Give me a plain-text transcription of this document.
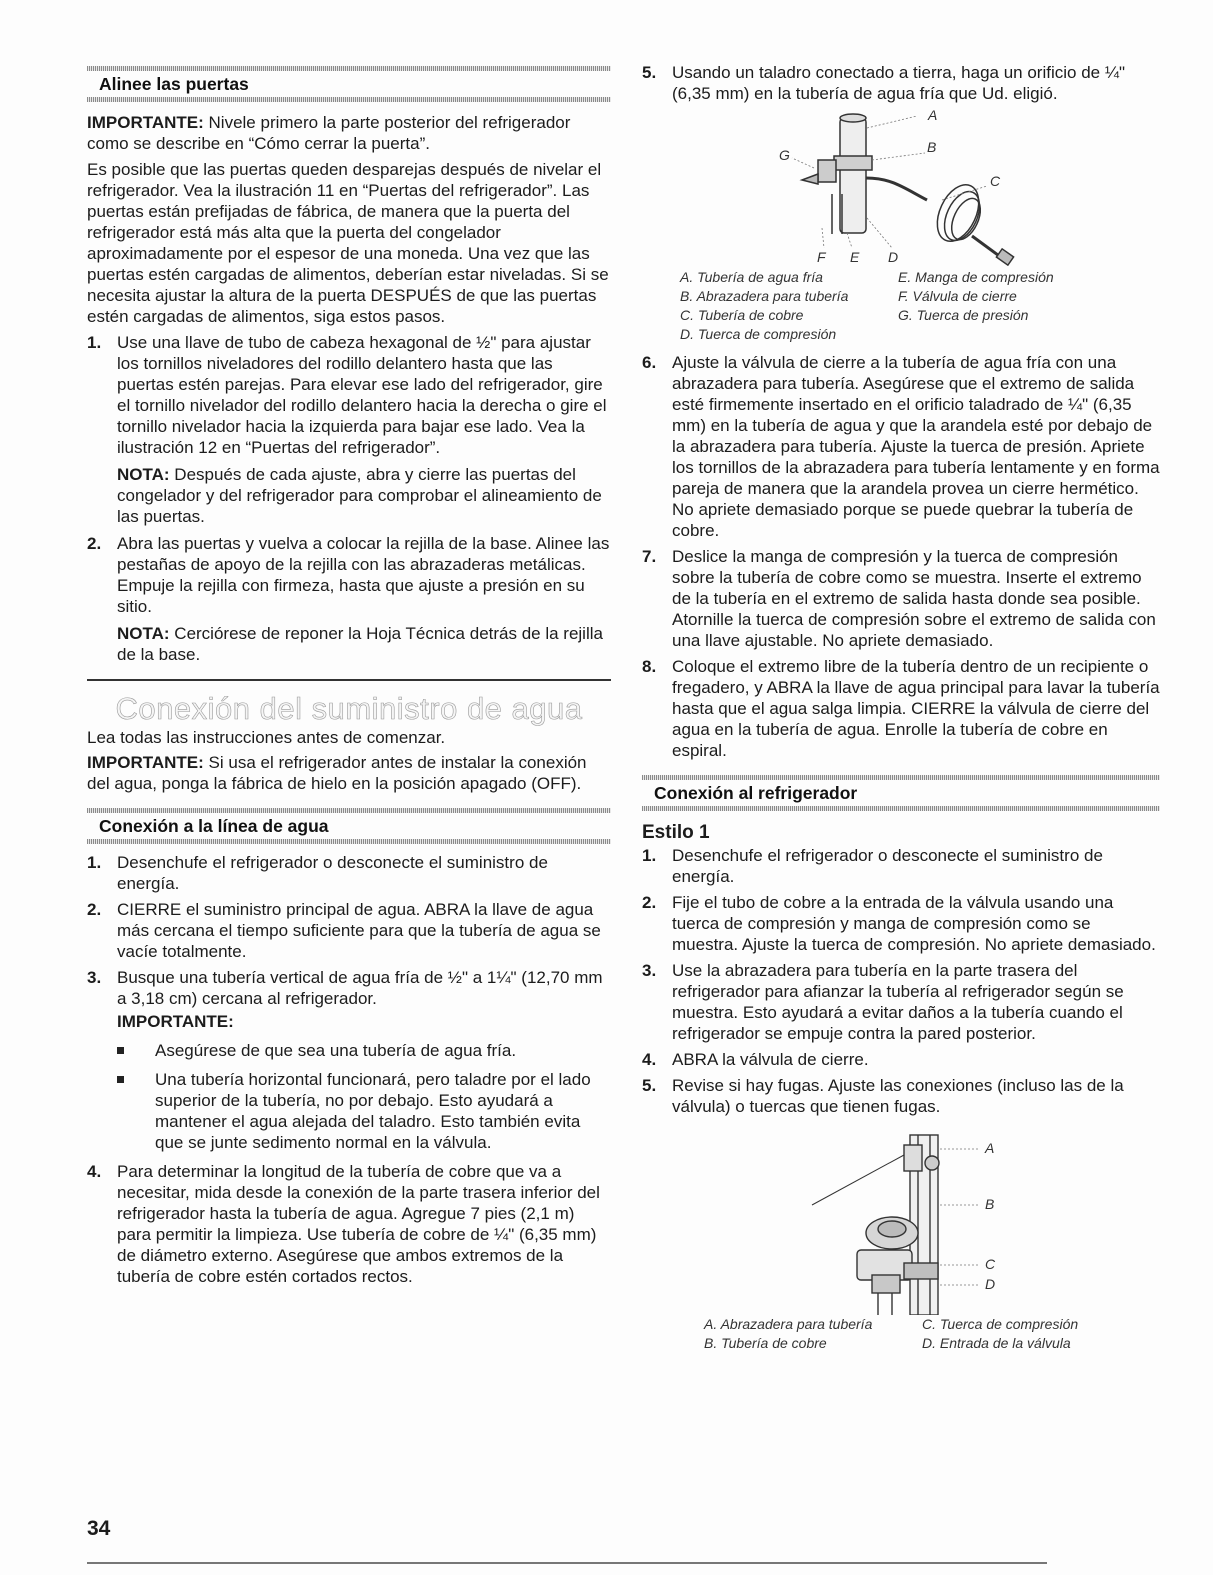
Alinee las puertas

IMPORTANTE: Nivele primero la parte posterior del refrigerador como se describe en “Cómo cerrar la puerta”.

Es posible que las puertas queden desparejas después de nivelar el refrigerador. Vea la ilustración 11 en “Puertas del refrigerador”. Las puertas están prefijadas de fábrica, de manera que la puerta del refrigerador está más alta que la puerta del congelador aproximadamente por el espesor de una moneda. Una vez que las puertas estén cargadas de alimentos, deberían estar niveladas. Si se necesita ajustar la altura de la puerta DESPUÉS de que las puertas estén cargadas de alimentos, siga estos pasos.

1. Use una llave de tubo de cabeza hexagonal de ½" para ajustar los tornillos niveladores del rodillo delantero hasta que las puertas estén parejas. Para elevar ese lado del refrigerador, gire el tornillo nivelador del rodillo delantero hacia la derecha o gire el tornillo nivelador hacia la izquierda para bajar ese lado. Vea la ilustración 12 en “Puertas del refrigerador”.

NOTA: Después de cada ajuste, abra y cierre las puertas del congelador y del refrigerador para comprobar el alineamiento de las puertas.

2. Abra las puertas y vuelva a colocar la rejilla de la base. Alinee las pestañas de apoyo de la rejilla con las abrazaderas metálicas. Empuje la rejilla con firmeza, hasta que ajuste a presión en su sitio.

NOTA: Cerciórese de reponer la Hoja Técnica detrás de la rejilla de la base.

Conexión del suministro de agua

Lea todas las instrucciones antes de comenzar.

IMPORTANTE: Si usa el refrigerador antes de instalar la conexión del agua, ponga la fábrica de hielo en la posición apagado (OFF).

Conexión a la línea de agua
1. Desenchufe el refrigerador o desconecte el suministro de energía.
2. CIERRE el suministro principal de agua. ABRA la llave de agua más cercana el tiempo suficiente para que la tubería de agua se vacíe totalmente.
3. Busque una tubería vertical de agua fría de ½" a 1¼" (12,70 mm a 3,18 cm) cercana al refrigerador.

IMPORTANTE:

Asegúrese de que sea una tubería de agua fría.
Una tubería horizontal funcionará, pero taladre por el lado superior de la tubería, no por debajo. Esto ayudará a mantener el agua alejada del taladro. Esto también evita que se junte sedimento normal en la válvula.
4. Para determinar la longitud de la tubería de cobre que va a necesitar, mida desde la conexión de la parte trasera inferior del refrigerador hasta la tubería de agua. Agregue 7 pies (2,1 m) para permitir la limpieza. Use tubería de cobre de ¼" (6,35 mm) de diámetro externo. Asegúrese que ambos extremos de la tubería de cobre estén cortados rectos.
5. Usando un taladro conectado a tierra, haga un orificio de ¼" (6,35 mm) en la tubería de agua fría que Ud. eligió.
A
B
C
G
F E D
A. Tubería de agua fría
B. Abrazadera para tubería
C. Tubería de cobre
D. Tuerca de compresión
E. Manga de compresión
F. Válvula de cierre
G. Tuerca de presión
6. Ajuste la válvula de cierre a la tubería de agua fría con una abrazadera para tubería. Asegúrese que el extremo de salida esté firmemente insertado en el orificio taladrado de ¼" (6,35 mm) en la tubería de agua y que la arandela esté por debajo de la abrazadera para tubería. Ajuste la tuerca de presión. Apriete los tornillos de la abrazadera para tubería lentamente y en forma pareja de manera que la arandela provea un cierre hermético. No apriete demasiado porque se puede quebrar la tubería de cobre.
7. Deslice la manga de compresión y la tuerca de compresión sobre la tubería de cobre como se muestra. Inserte el extremo de la tubería en el extremo de salida hasta donde sea posible. Atornille la tuerca de compresión sobre el extremo de salida con una llave ajustable. No apriete demasiado.
8. Coloque el extremo libre de la tubería dentro de un recipiente o fregadero, y ABRA la llave de agua principal para lavar la tubería hasta que el agua salga limpia. CIERRE la válvula de cierre del agua en la tubería de agua. Enrolle la tubería de cobre en espiral.
Conexión al refrigerador
Estilo 1
1. Desenchufe el refrigerador o desconecte el suministro de energía.
2. Fije el tubo de cobre a la entrada de la válvula usando una tuerca de compresión y manga de compresión como se muestra. Ajuste la tuerca de compresión. No apriete demasiado.
3. Use la abrazadera para tubería en la parte trasera del refrigerador para afianzar la tubería al refrigerador según se muestra. Esto ayudará a evitar daños a la tubería cuando el refrigerador se empuje contra la pared posterior.
4. ABRA la válvula de cierre.
5. Revise si hay fugas. Ajuste las conexiones (incluso las de la válvula) o tuercas que tienen fugas.
A
B
C
D
A. Abrazadera para tubería
B. Tubería de cobre
C. Tuerca de compresión
D. Entrada de la válvula
34
